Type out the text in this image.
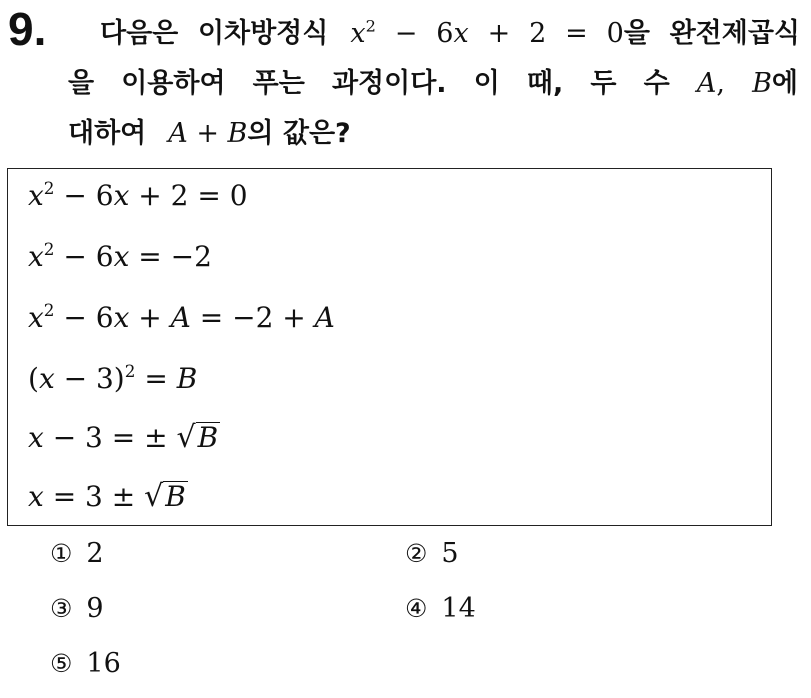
9. 다음은 이차방정식 $x^2 - 6x + 2 = 0$을 완전제곱식
을 이용하여 푸는 과정이다. 이 때, 두 수 A, B에
대하여 A + B의 값은?
$x^2 - 6x + 2 = 0$
$x^2 - 6x = -2$
$x^2 - 6x + A = -2 + A$
$(x - 3)^2 = B$
x − 3 = ± √B
x = 3 ± √B
① 2	② 5
③ 9	④ 14
⑤ 16
